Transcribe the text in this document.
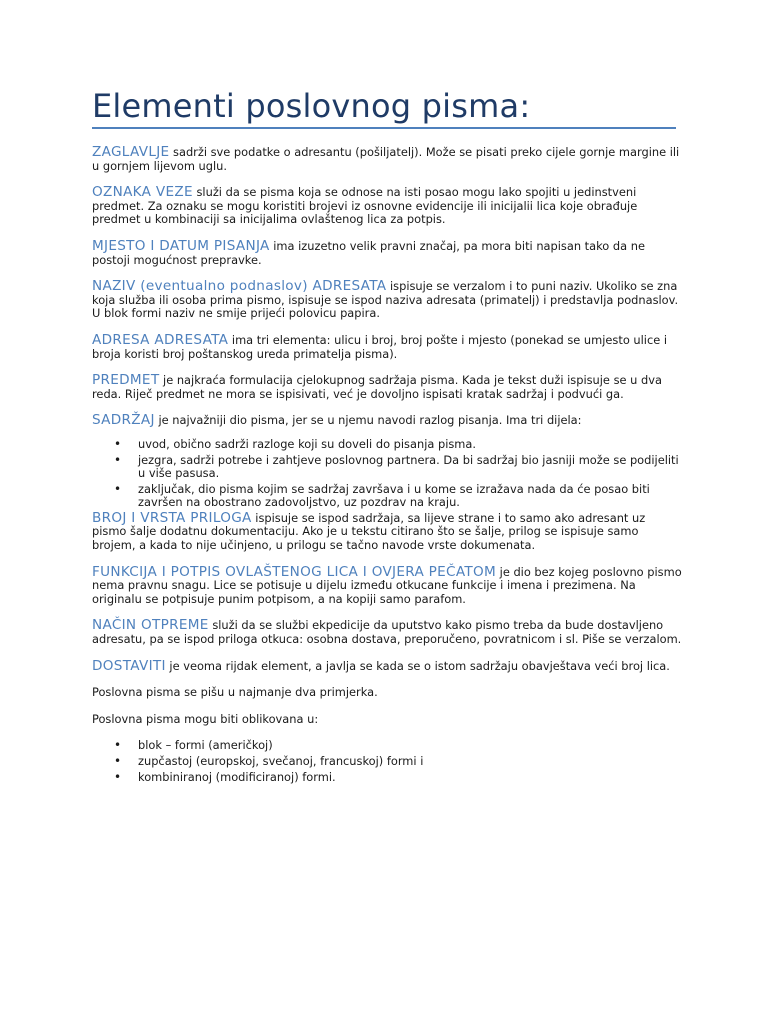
Elementi poslovnog pisma:

ZAGLAVLJE sadrži sve podatke o adresantu (pošiljatelj). Može se pisati preko cijele gornje margine ili u gornjem lijevom uglu.

OZNAKA VEZE služi da se pisma koja se odnose na isti posao mogu lako spojiti u jedinstveni predmet. Za oznaku se mogu koristiti brojevi iz osnovne evidencije ili inicijalii lica koje obrađuje predmet u kombinaciji sa inicijalima ovlaštenog lica za potpis.

MJESTO I DATUM PISANJA ima izuzetno velik pravni značaj, pa mora biti napisan tako da ne postoji mogućnost prepravke.

NAZIV (eventualno podnaslov) ADRESATA ispisuje se verzalom i to puni naziv. Ukoliko se zna koja služba ili osoba prima pismo, ispisuje se ispod naziva adresata (primatelj) i predstavlja podnaslov. U blok formi naziv ne smije prijeći polovicu papira.

ADRESA ADRESATA ima tri elementa: ulicu i broj, broj pošte i mjesto (ponekad se umjesto ulice i broja koristi broj poštanskog ureda primatelja pisma).

PREDMET je najkraća formulacija cjelokupnog sadržaja pisma. Kada je tekst duži ispisuje se u dva reda. Riječ predmet ne mora se ispisivati, već je dovoljno ispisati kratak sadržaj i podvući ga.

SADRŽAJ je najvažniji dio pisma, jer se u njemu navodi razlog pisanja. Ima tri dijela:

• uvod, obično sadrži razloge koji su doveli do pisanja pisma.
• jezgra, sadrži potrebe i zahtjeve poslovnog partnera. Da bi sadržaj bio jasniji može se podijeliti u više pasusa.
• zaključak, dio pisma kojim se sadržaj završava i u kome se izražava nada da će posao biti završen na obostrano zadovoljstvo, uz pozdrav na kraju.

BROJ I VRSTA PRILOGA ispisuje se ispod sadržaja, sa lijeve strane i to samo ako adresant uz pismo šalje dodatnu dokumentaciju. Ako je u tekstu citirano što se šalje, prilog se ispisuje samo brojem, a kada to nije učinjeno, u prilogu se tačno navode vrste dokumenata.

FUNKCIJA I POTPIS OVLAŠTENOG LICA I OVJERA PEČATOM je dio bez kojeg poslovno pismo nema pravnu snagu. Lice se potisuje u dijelu između otkucane funkcije i imena i prezimena. Na originalu se potpisuje punim potpisom, a na kopiji samo parafom.

NAČIN OTPREME služi da se službi ekpedicije da uputstvo kako pismo treba da bude dostavljeno adresatu, pa se ispod priloga otkuca: osobna dostava, preporučeno, povratnicom i sl. Piše se verzalom.

DOSTAVITI je veoma rijdak element, a javlja se kada se o istom sadržaju obavještava veći broj lica.

Poslovna pisma se pišu u najmanje dva primjerka.

Poslovna pisma mogu biti oblikovana u:

• blok – formi (američkoj)
• zupčastoj (europskoj, svečanoj, francuskoj) formi i
• kombiniranoj (modificiranoj) formi.
